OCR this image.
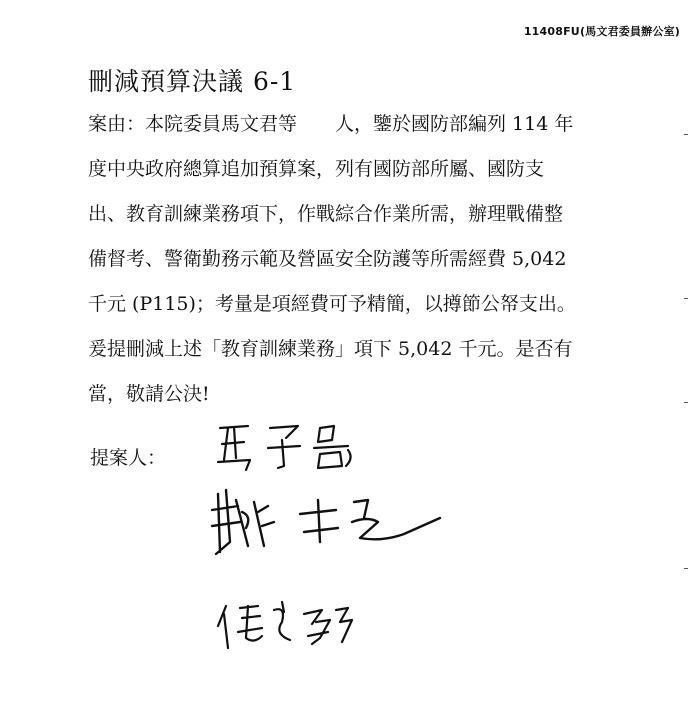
11408FU(馬文君委員辦公室)
刪減預算決議 6-1
案由：本院委員馬文君等 人，鑒於國防部編列 114 年
度中央政府總算追加預算案，列有國防部所屬、國防支
出、教育訓練業務項下，作戰綜合作業所需，辦理戰備整
備督考、警衛勤務示範及營區安全防護等所需經費 5,042
千元 (P115)；考量是項經費可予精簡，以撙節公帑支出。
爰提刪減上述「教育訓練業務」項下 5,042 千元。是否有
當，敬請公決!
提案人：
